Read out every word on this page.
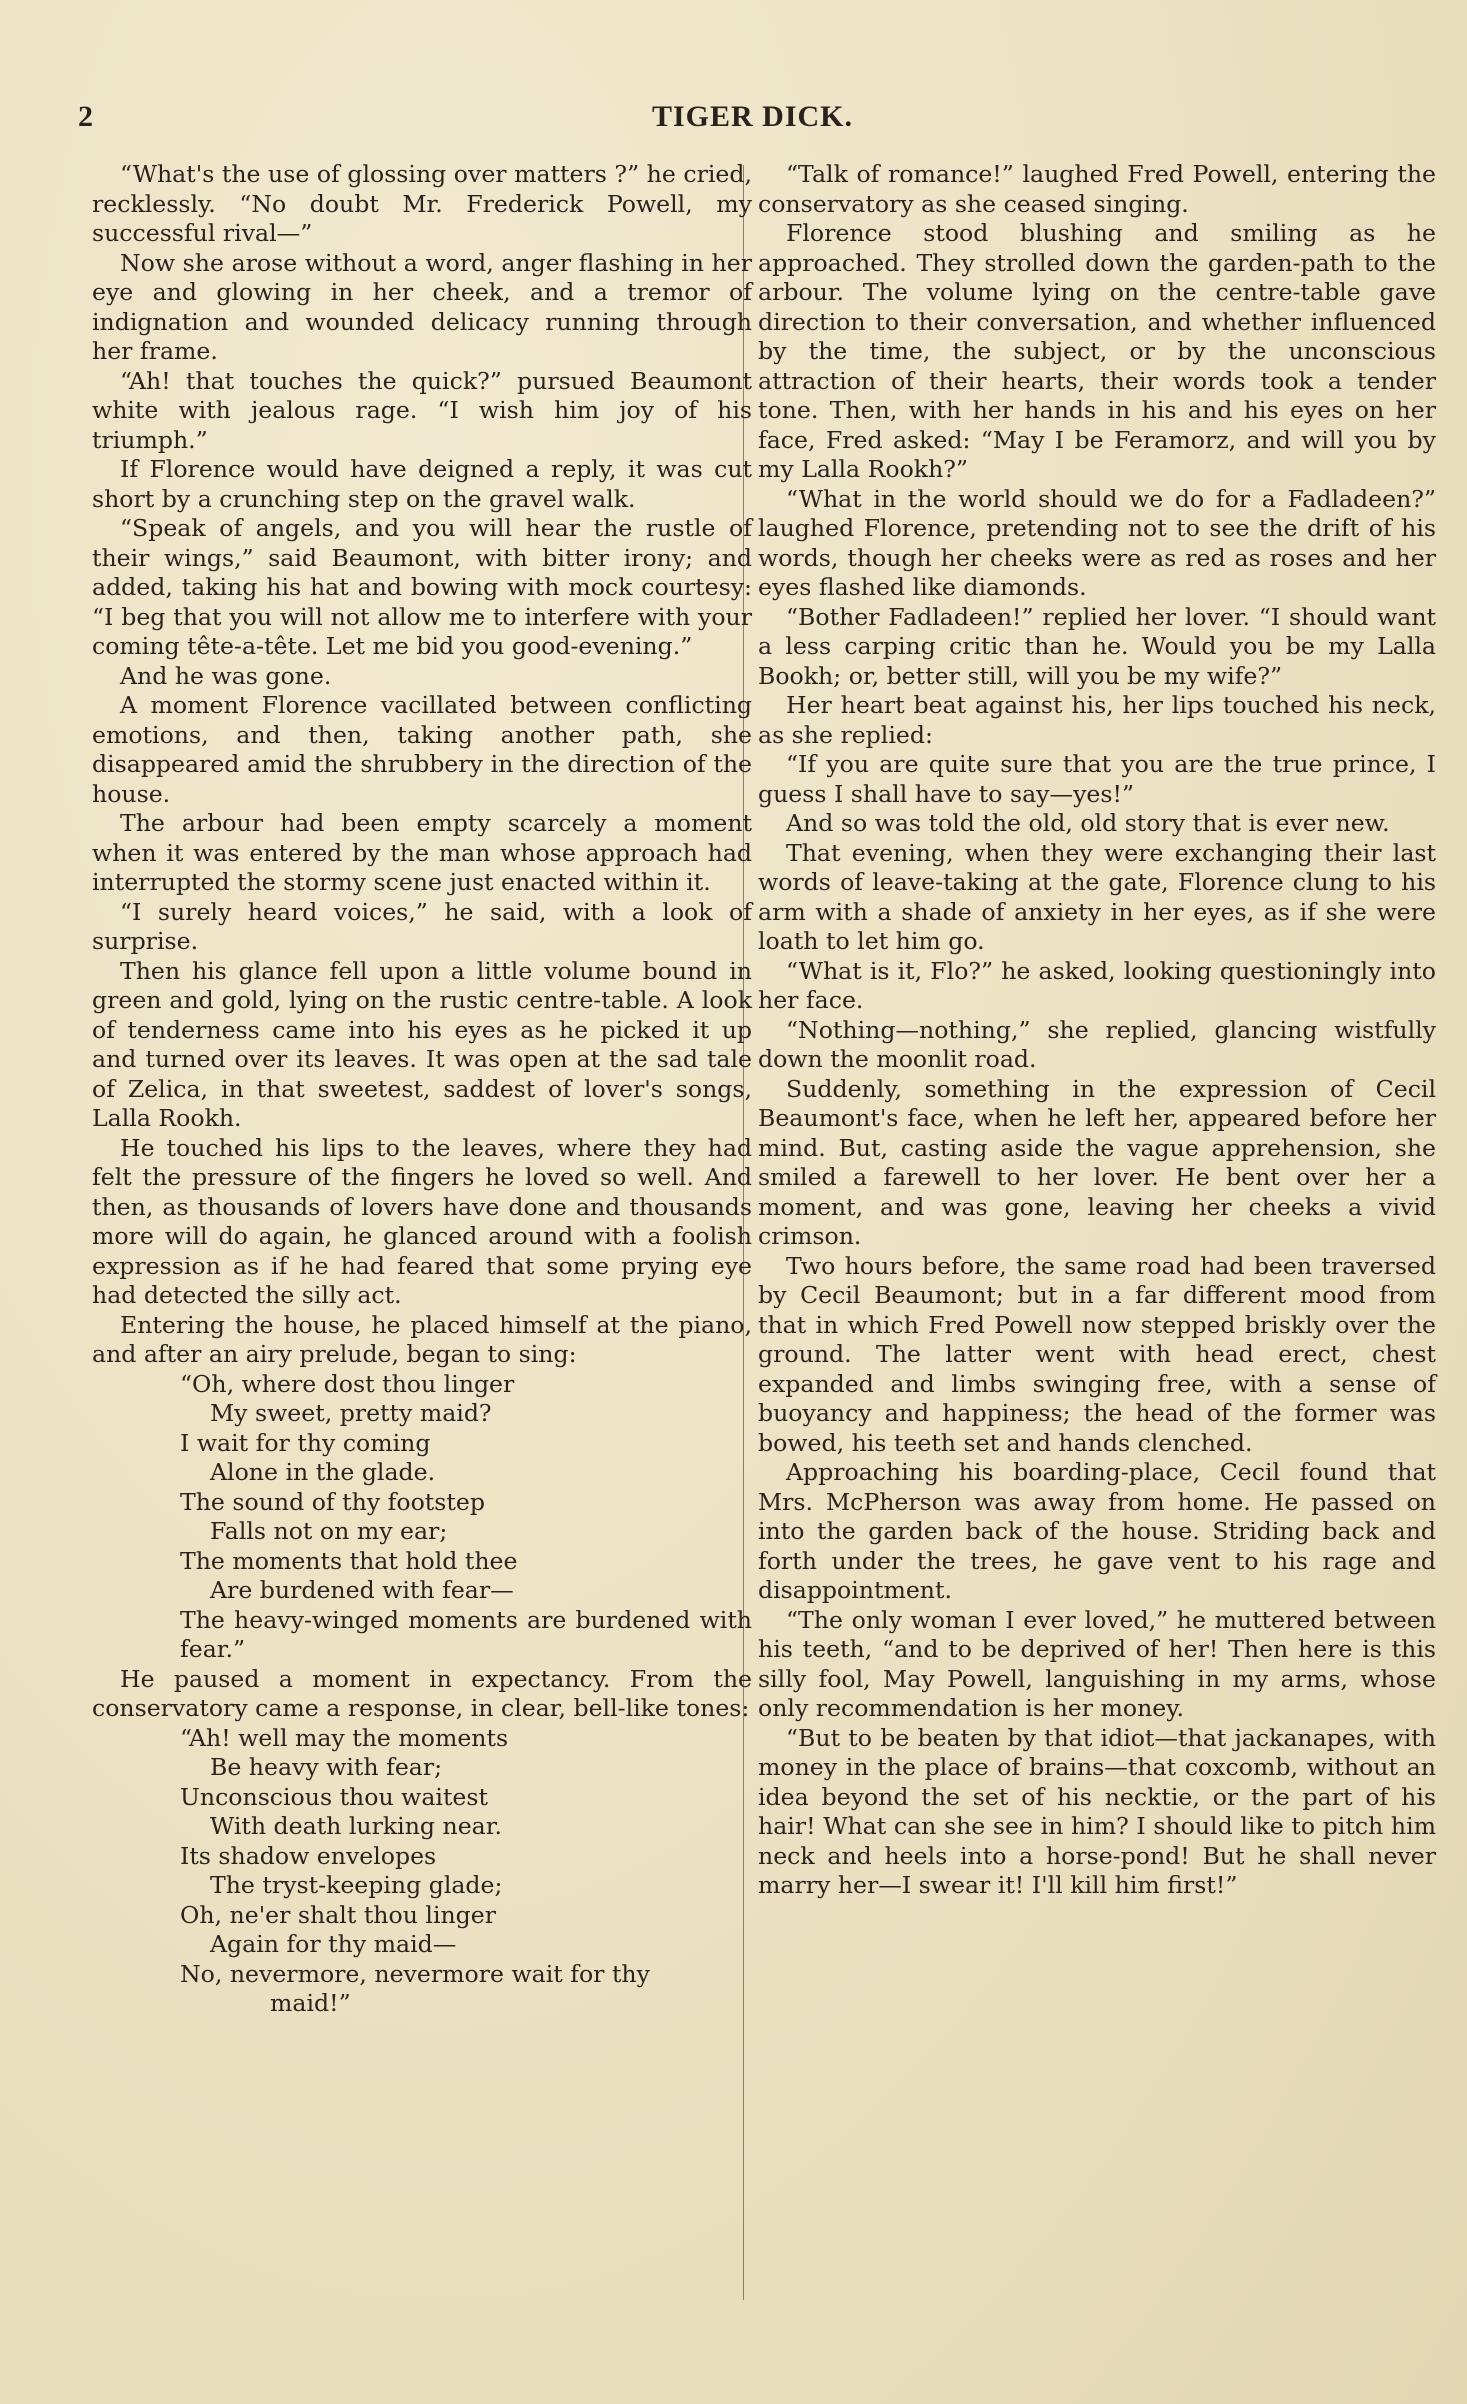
2	TIGER DICK.

“What's the use of glossing over matters ?” he cried, recklessly. “No doubt Mr. Frederick Powell, my successful rival—”

Now she arose without a word, anger flashing in her eye and glowing in her cheek, and a tremor of indignation and wounded delicacy running through her frame.

“Ah! that touches the quick?” pursued Beaumont white with jealous rage. “I wish him joy of his triumph.”

If Florence would have deigned a reply, it was cut short by a crunching step on the gravel walk.

“Speak of angels, and you will hear the rustle of their wings,” said Beaumont, with bitter irony; and added, taking his hat and bowing with mock courtesy: “I beg that you will not allow me to interfere with your coming tête-a-tête. Let me bid you good-evening.”

And he was gone.

A moment Florence vacillated between conflicting emotions, and then, taking another path, she disappeared amid the shrubbery in the direction of the house.

The arbour had been empty scarcely a moment when it was entered by the man whose approach had interrupted the stormy scene just enacted within it.

“I surely heard voices,” he said, with a look of surprise.

Then his glance fell upon a little volume bound in green and gold, lying on the rustic centre-table. A look of tenderness came into his eyes as he picked it up and turned over its leaves. It was open at the sad tale of Zelica, in that sweetest, saddest of lover's songs, Lalla Rookh.

He touched his lips to the leaves, where they had felt the pressure of the fingers he loved so well. And then, as thousands of lovers have done and thousands more will do again, he glanced around with a foolish expression as if he had feared that some prying eye had detected the silly act.

Entering the house, he placed himself at the piano, and after an airy prelude, began to sing:

“Oh, where dost thou linger
My sweet, pretty maid?
I wait for thy coming
Alone in the glade.
The sound of thy footstep
Falls not on my ear;
The moments that hold thee
Are burdened with fear—
The heavy-winged moments are burdened with fear.”

He paused a moment in expectancy. From the conservatory came a response, in clear, bell-like tones:

“Ah! well may the moments
Be heavy with fear;
Unconscious thou waitest
With death lurking near.
Its shadow envelopes
The tryst-keeping glade;
Oh, ne'er shalt thou linger
Again for thy maid—
No, nevermore, nevermore wait for thy
maid!”

“Talk of romance!” laughed Fred Powell, entering the conservatory as she ceased singing.

Florence stood blushing and smiling as he approached. They strolled down the garden-path to the arbour. The volume lying on the centre-table gave direction to their conversation, and whether influenced by the time, the subject, or by the unconscious attraction of their hearts, their words took a tender tone. Then, with her hands in his and his eyes on her face, Fred asked: “May I be Feramorz, and will you by my Lalla Rookh?”

“What in the world should we do for a Fadladeen?” laughed Florence, pretending not to see the drift of his words, though her cheeks were as red as roses and her eyes flashed like diamonds.

“Bother Fadladeen!” replied her lover. “I should want a less carping critic than he. Would you be my Lalla Bookh; or, better still, will you be my wife?”

Her heart beat against his, her lips touched his neck, as she replied:

“If you are quite sure that you are the true prince, I guess I shall have to say—yes!”

And so was told the old, old story that is ever new.

That evening, when they were exchanging their last words of leave-taking at the gate, Florence clung to his arm with a shade of anxiety in her eyes, as if she were loath to let him go.

“What is it, Flo?” he asked, looking questioningly into her face.

“Nothing—nothing,” she replied, glancing wistfully down the moonlit road.

Suddenly, something in the expression of Cecil Beaumont's face, when he left her, appeared before her mind. But, casting aside the vague apprehension, she smiled a farewell to her lover. He bent over her a moment, and was gone, leaving her cheeks a vivid crimson.

Two hours before, the same road had been traversed by Cecil Beaumont; but in a far different mood from that in which Fred Powell now stepped briskly over the ground. The latter went with head erect, chest expanded and limbs swinging free, with a sense of buoyancy and happiness; the head of the former was bowed, his teeth set and hands clenched.

Approaching his boarding-place, Cecil found that Mrs. McPherson was away from home. He passed on into the garden back of the house. Striding back and forth under the trees, he gave vent to his rage and disappointment.

“The only woman I ever loved,” he muttered between his teeth, “and to be deprived of her! Then here is this silly fool, May Powell, languishing in my arms, whose only recommendation is her money.

“But to be beaten by that idiot—that jackanapes, with money in the place of brains—that coxcomb, without an idea beyond the set of his necktie, or the part of his hair! What can she see in him? I should like to pitch him neck and heels into a horse-pond! But he shall never marry her—I swear it! I'll kill him first!”
